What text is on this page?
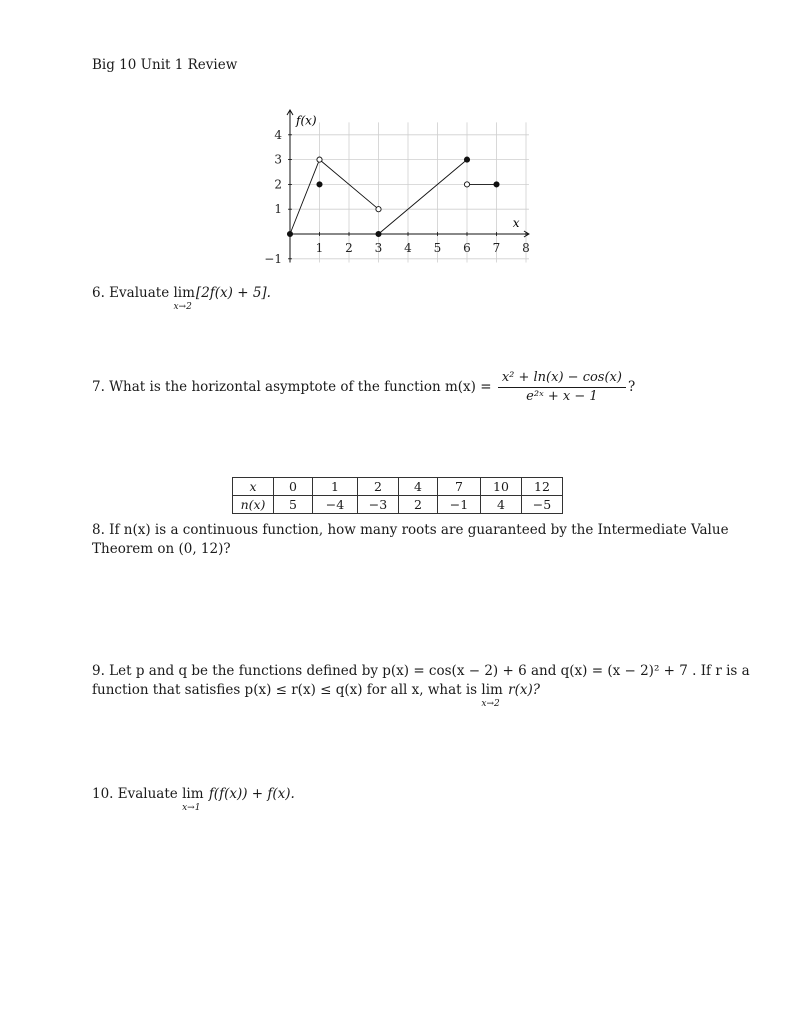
Big 10 Unit 1 Review
1 2 3 4 5 6 7 8
4
3
2
1
−1
f(x)
x
6. Evaluate lim
x→2
[2f(x) + 5].
7. What is the horizontal asymptote of the function $m(x) = \frac{\text{x² + ln(x) − cos(x)}}{\text{e²ˣ + x − 1}}$ ?
x	0	1	2	4	7	10	12
n(x)	5	−4	−3	2	−1	4	−5
8. If n(x) is a continuous function, how many roots are guaranteed by the Intermediate Value
Theorem on (0, 12)?
9. Let p and q be the functions defined by p(x) = cos(x − 2) + 6 and q(x) = (x − 2)² + 7 . If r is a
function that satisfies p(x) ≤ r(x) ≤ q(x) for all x, what is lim
x→2
r(x)?
10. Evaluate lim
x→1
f(f(x)) + f(x).
